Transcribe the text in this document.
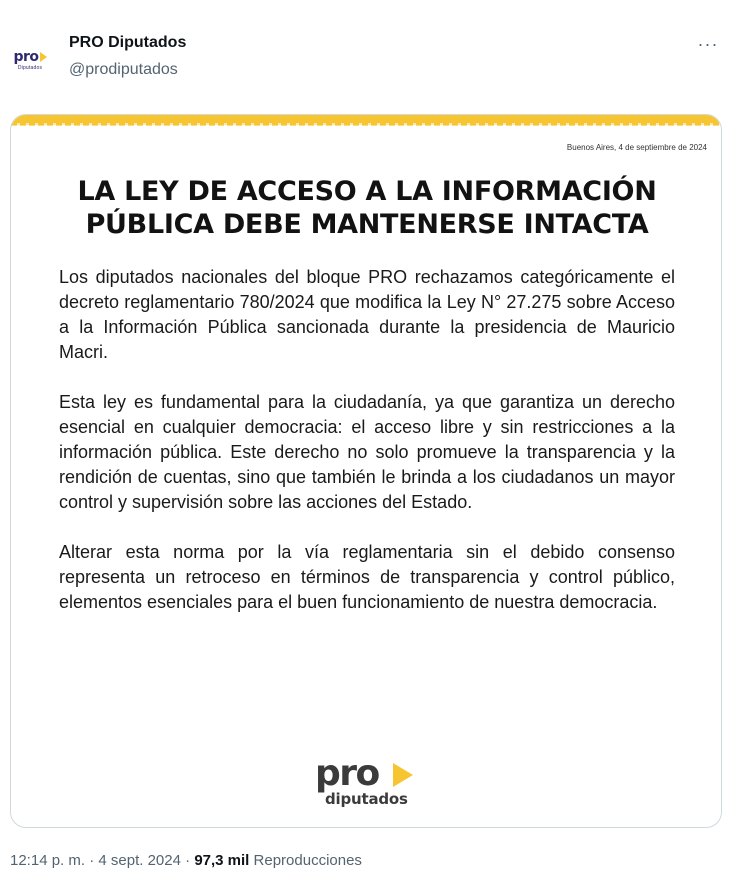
pro
Diputados
PRO Diputados
@prodiputados
···
Buenos Aires, 4 de septiembre de 2024
LA LEY DE ACCESO A LA INFORMACIÓN PÚBLICA DEBE MANTENERSE INTACTA

Los diputados nacionales del bloque PRO rechazamos categóricamente el decreto reglamentario 780/2024 que modifica la Ley N° 27.275 sobre Acceso a la Información Pública sancionada durante la presidencia de Mauricio Macri.

Esta ley es fundamental para la ciudadanía, ya que garantiza un derecho esencial en cualquier democracia: el acceso libre y sin restricciones a la información pública. Este derecho no solo promueve la transparencia y la rendición de cuentas, sino que también le brinda a los ciudadanos un mayor control y supervisión sobre las acciones del Estado.

Alterar esta norma por la vía reglamentaria sin el debido consenso representa un retroceso en términos de transparencia y control público, elementos esenciales para el buen funcionamiento de nuestra democracia.

pro
diputados
12:14 p. m. · 4 sept. 2024 · 97,3 mil Reproducciones
